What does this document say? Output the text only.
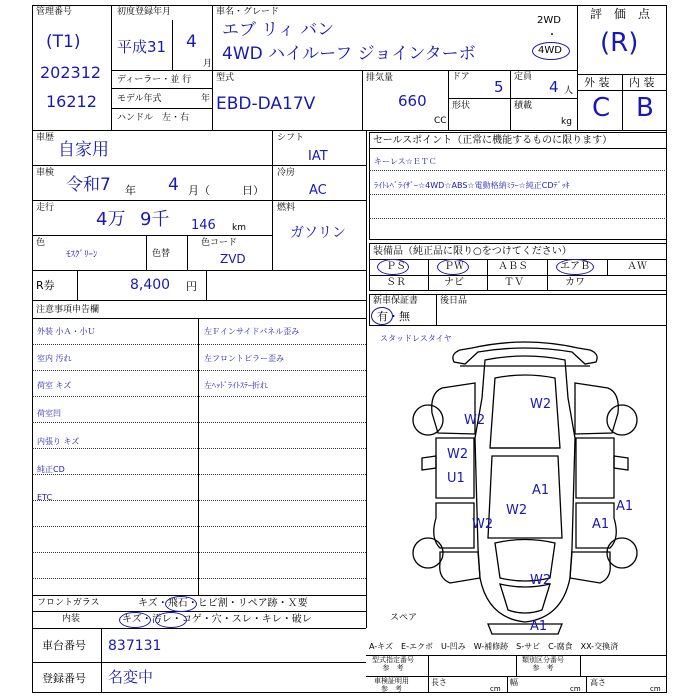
管理番号
(T1)
202312
16212
初度登録年月
平成31 4
月
ディーラー・並 行
モデル年式	年
ハンドル　左・右
車名・グレード
エブ リィ バン
4WD ハイルーフ ジョインターボ
2WD
・
4WD
型式
EBD-DA17V
排気量
660
CC
ドア
5
形状
定員
4 人
積載
kg
評　価　点
(R)
外 装 内 装
C B
車歴
自家用
車検
令和7 年 4 月（	日）
走行
4万 9千 146 km
色
ﾓｽｸﾞﾘｰﾝ	色替
色コード
ZVD
シフト
IAT
冷房
AC
燃料
ガソリン
R券	8,400 円
セールスポイント（正常に機能するものに限ります）
キーレス☆ＥＴＣ
ﾗｲﾄﾚﾍﾞﾗｲｻﾞｰ☆4WD☆ABS☆電動格納ﾐﾗｰ☆純正CDﾃﾞｯｷ
装備品（純正品に限り○をつけてください）
ＰＳ	ＰＷ	ＡＢＳ	エアＢ	ＡＷ
ＳＲ	ナビ	ＴＶ	カワ
新車保証書
有・無
後日品
注意事項申告欄
外装 小Ａ・小Ｕ
室内 汚れ
荷室 キズ
荷室凹
内張り キズ
純正CD
ETC
左Ｆインサイドパネル歪み
左フロントピラー歪み
左ﾍｯﾄﾞﾗｲﾄｽﾃｰ折れ
フロントガラス	キズ・飛石・ヒビ割・リペア跡・Ｘ要
内装	キズ・汚レ・コゲ・穴・スレ・キレ・破レ
車台番号 837131
登録番号 名変中
A-キズ　E-エクボ　U-凹み　W-補修跡　S-サビ　C-腐食　XX-交換済
型式指定番号
参　考
類別区分番号
参　考
車検証明用
参　考
長さ
cm
幅
cm
高さ
cm
スタッドレスタイヤ
スペア
W2
W2
W2
U1
A1
A1
W2
W2	A1
W2
A1
